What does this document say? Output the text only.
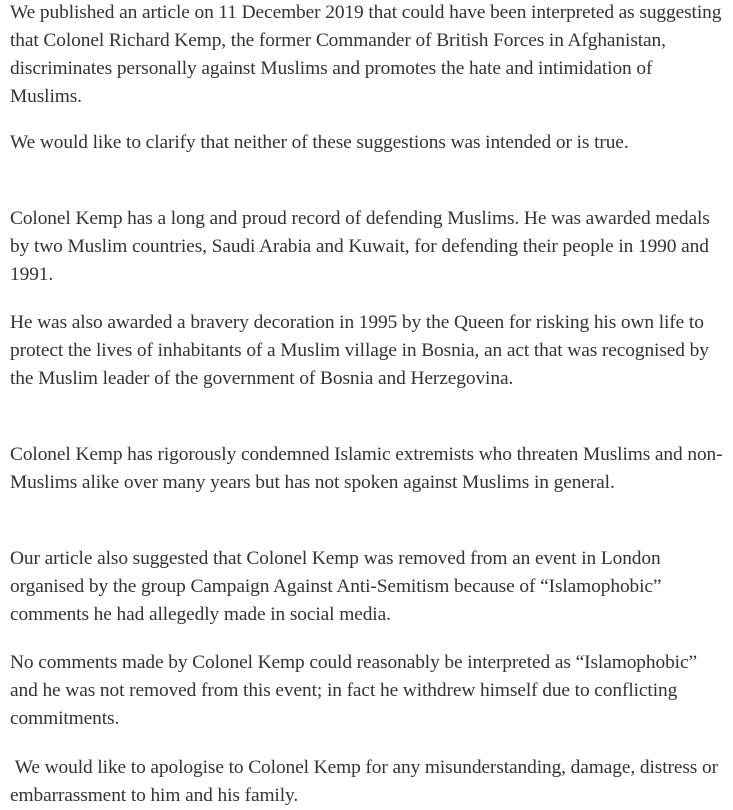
We published an article on 11 December 2019 that could have been interpreted as suggesting that Colonel Richard Kemp, the former Commander of British Forces in Afghanistan, discriminates personally against Muslims and promotes the hate and intimidation of Muslims.

We would like to clarify that neither of these suggestions was intended or is true.

Colonel Kemp has a long and proud record of defending Muslims. He was awarded medals by two Muslim countries, Saudi Arabia and Kuwait, for defending their people in 1990 and 1991.

He was also awarded a bravery decoration in 1995 by the Queen for risking his own life to protect the lives of inhabitants of a Muslim village in Bosnia, an act that was recognised by the Muslim leader of the government of Bosnia and Herzegovina.

Colonel Kemp has rigorously condemned Islamic extremists who threaten Muslims and non-Muslims alike over many years but has not spoken against Muslims in general.

Our article also suggested that Colonel Kemp was removed from an event in London organised by the group Campaign Against Anti-Semitism because of “Islamophobic” comments he had allegedly made in social media.

No comments made by Colonel Kemp could reasonably be interpreted as “Islamophobic” and he was not removed from this event; in fact he withdrew himself due to conflicting commitments.

We would like to apologise to Colonel Kemp for any misunderstanding, damage, distress or embarrassment to him and his family.
